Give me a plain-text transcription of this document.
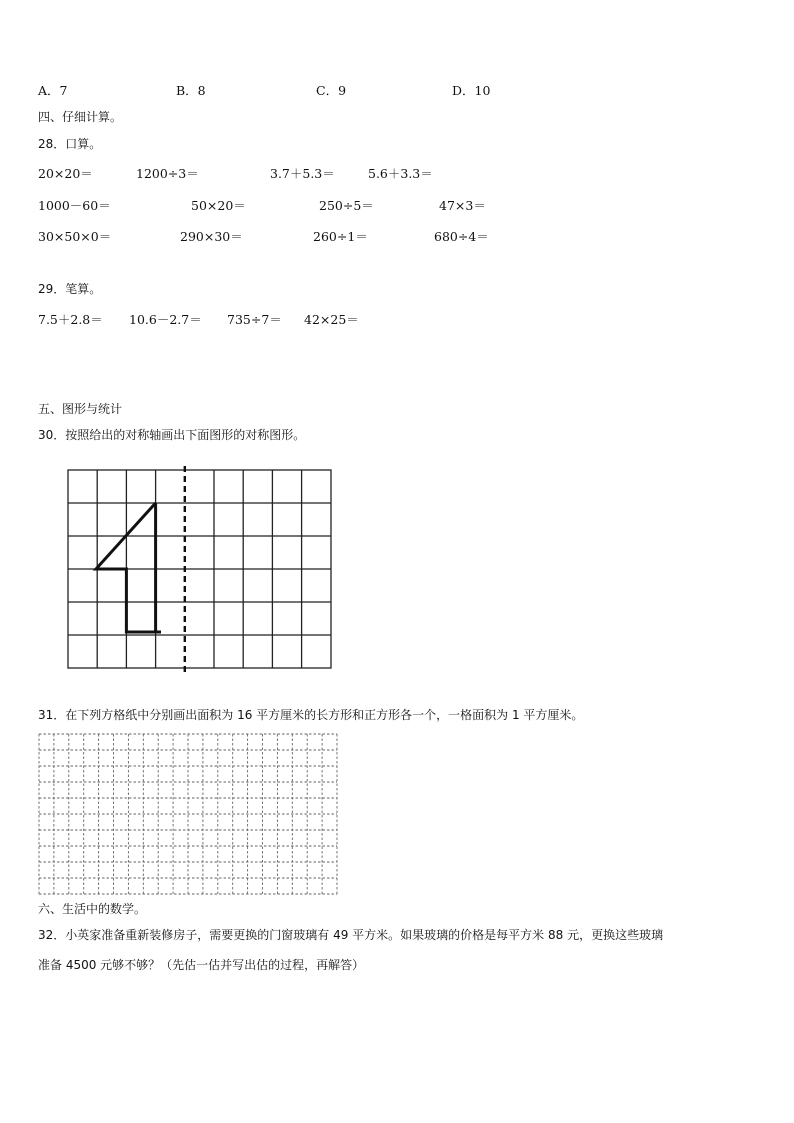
A．7	B．8	C．9	D．10
四、仔细计算。
28．口算。
20×20＝	1200÷3＝	3.7＋5.3＝	5.6＋3.3＝
1000－60＝	50×20＝	250÷5＝	47×3＝
30×50×0＝	290×30＝	260÷1＝	680÷4＝
29．笔算。
7.5＋2.8＝ 10.6－2.7＝ 735÷7＝ 42×25＝
五、图形与统计
30．按照给出的对称轴画出下面图形的对称图形。
31．在下列方格纸中分别画出面积为 16 平方厘米的长方形和正方形各一个，一格面积为 1 平方厘米。
六、生活中的数学。
32．小英家准备重新装修房子，需要更换的门窗玻璃有 49 平方米。如果玻璃的价格是每平方米 88 元，更换这些玻璃
准备 4500 元够不够？（先估一估并写出估的过程，再解答）
